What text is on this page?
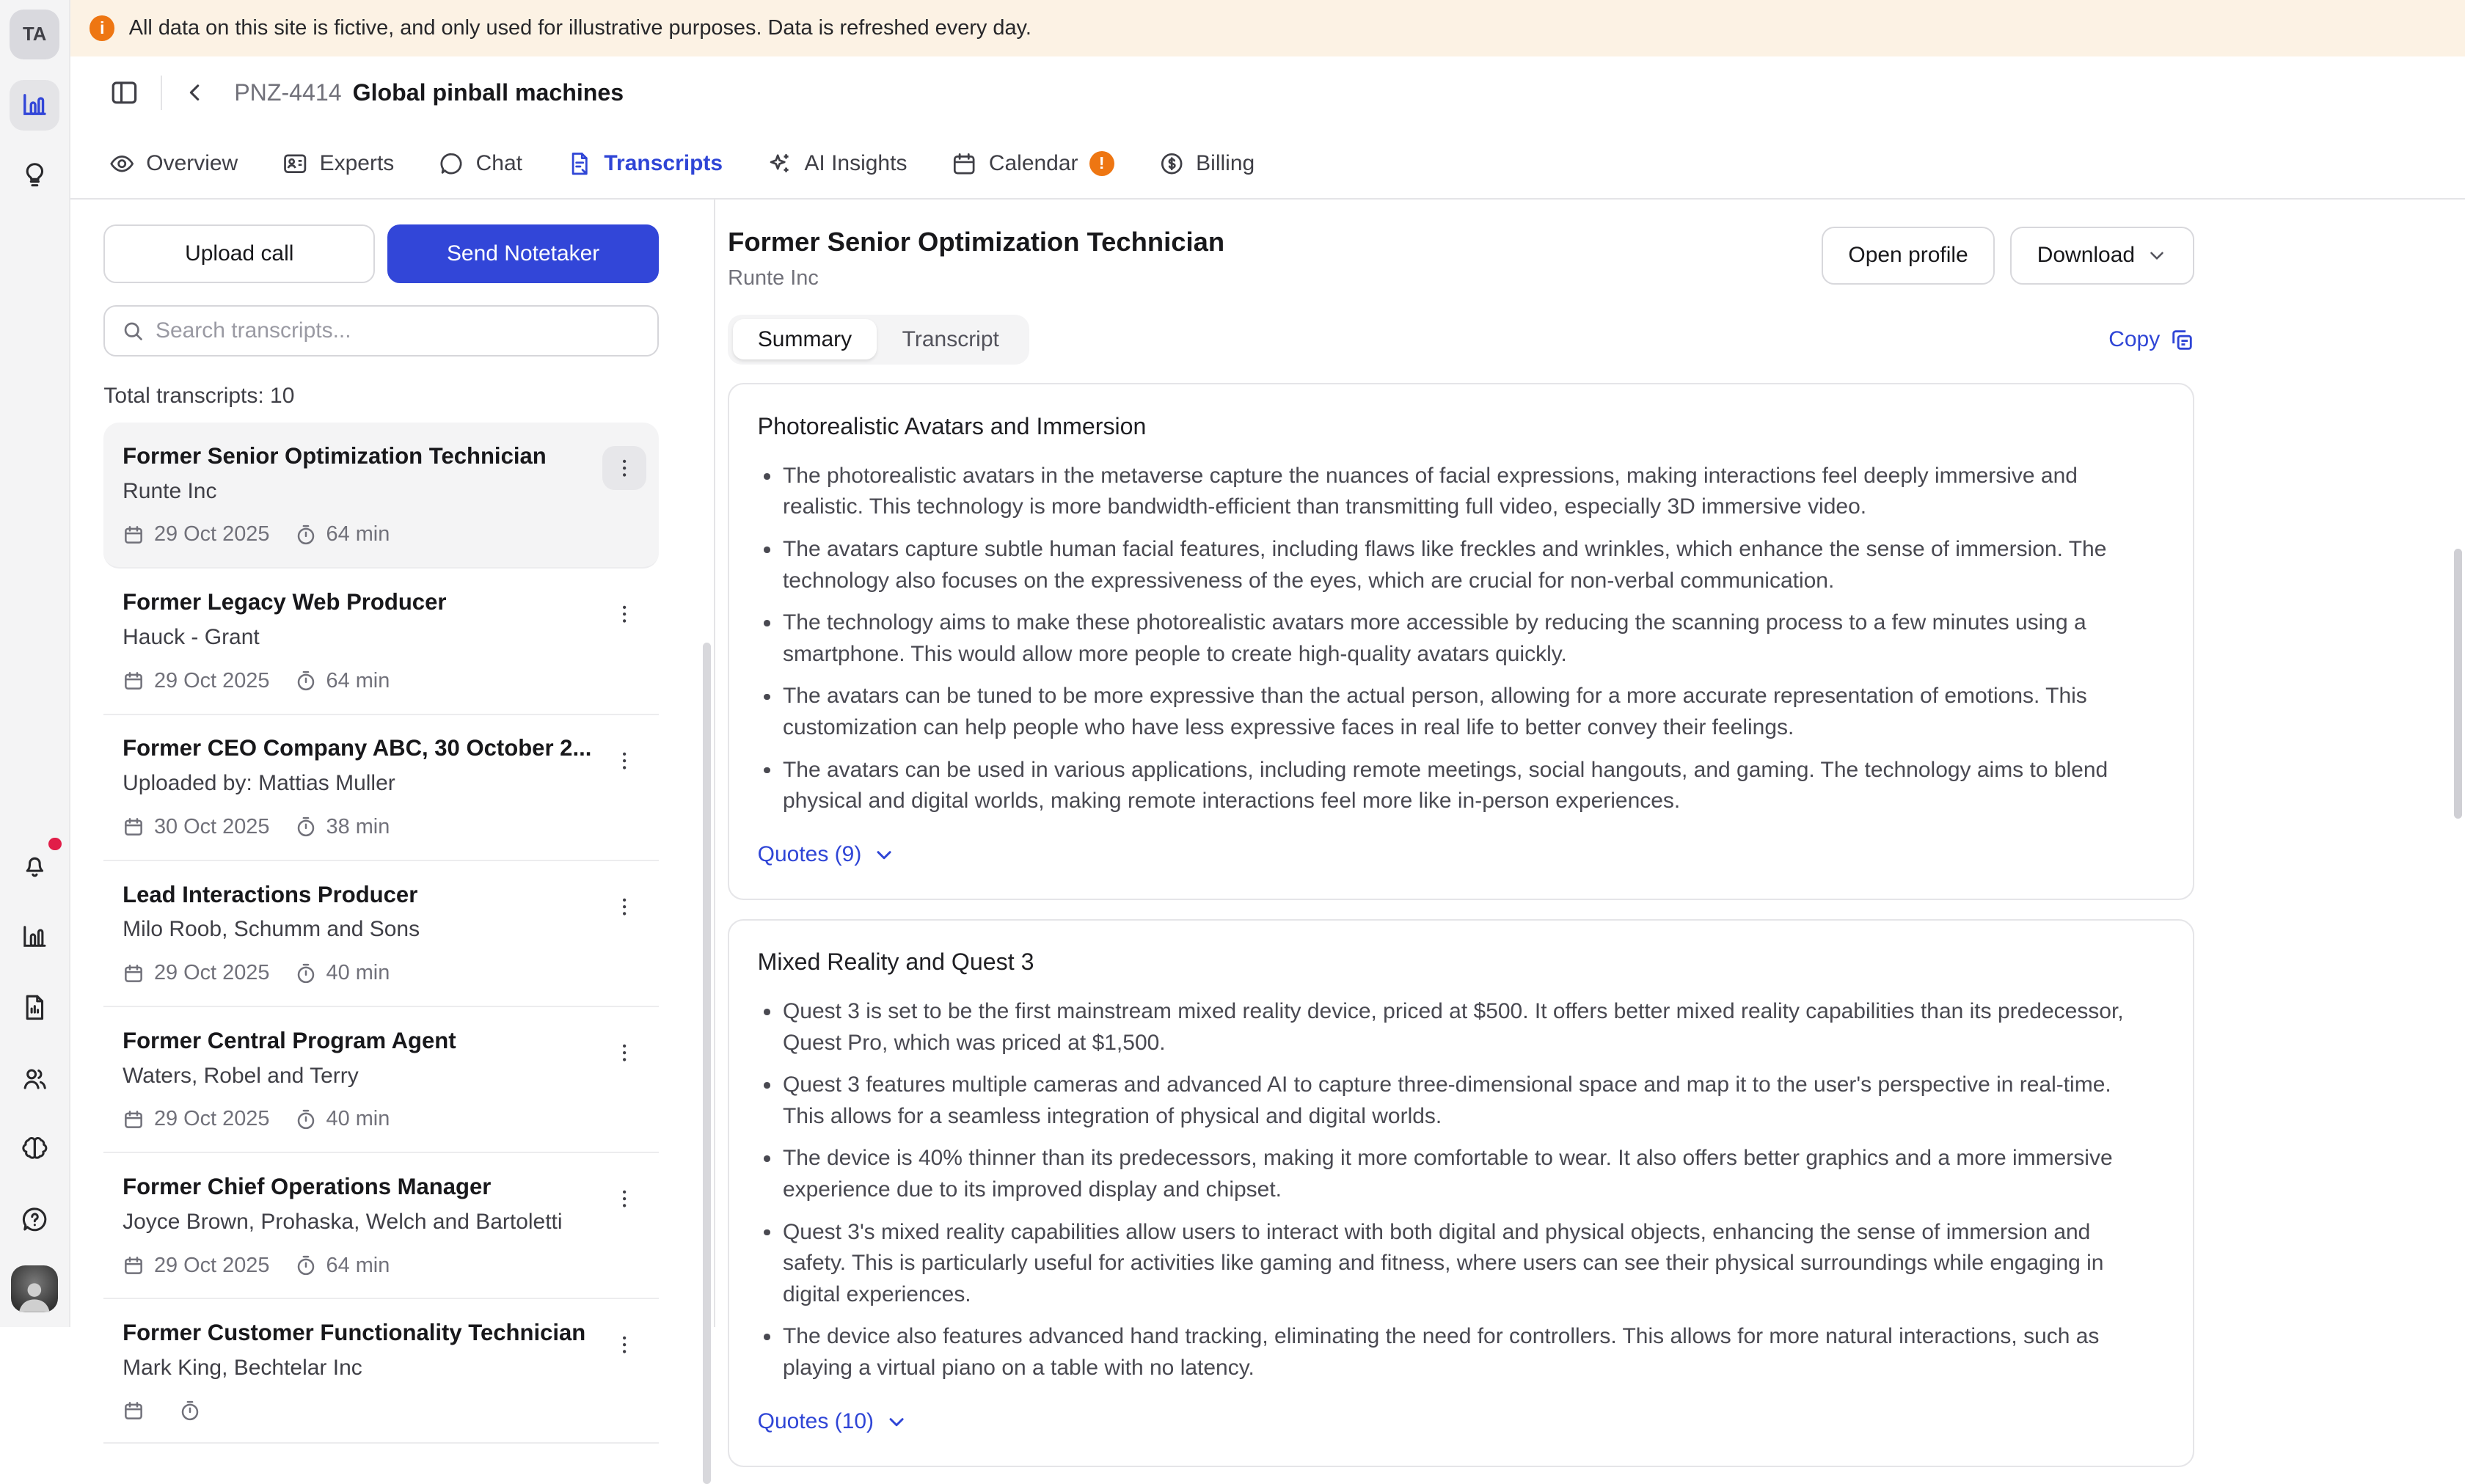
TA	i	All data on this site is fictive, and only used for illustrative purposes. Data is refreshed every day.
PNZ-4414 Global pinball machines
Overview	Experts	Chat	Transcripts	AI Insights	Calendar	!	Billing
Upload call	Send Notetaker
Search transcripts...
Total transcripts: 10
Former Senior Optimization Technician
Runte Inc
29 Oct 2025	64 min
Former Legacy Web Producer
Hauck - Grant
29 Oct 2025	64 min
Former CEO Company ABC, 30 October 2...
Uploaded by: Mattias Muller
30 Oct 2025	38 min
Lead Interactions Producer
Milo Roob, Schumm and Sons
29 Oct 2025	40 min
Former Central Program Agent
Waters, Robel and Terry
29 Oct 2025	40 min
Former Chief Operations Manager
Joyce Brown, Prohaska, Welch and Bartoletti
29 Oct 2025	64 min
Former Customer Functionality Technician
Mark King, Bechtelar Inc
Former Senior Optimization Technician
Runte Inc
Open profile	Download
Summary	Transcript	Copy
Photorealistic Avatars and Immersion
The photorealistic avatars in the metaverse capture the nuances of facial expressions, making interactions feel deeply immersive and realistic. This technology is more bandwidth-efficient than transmitting full video, especially 3D immersive video.
The avatars capture subtle human facial features, including flaws like freckles and wrinkles, which enhance the sense of immersion. The technology also focuses on the expressiveness of the eyes, which are crucial for non-verbal communication.
The technology aims to make these photorealistic avatars more accessible by reducing the scanning process to a few minutes using a smartphone. This would allow more people to create high-quality avatars quickly.
The avatars can be tuned to be more expressive than the actual person, allowing for a more accurate representation of emotions. This customization can help people who have less expressive faces in real life to better convey their feelings.
The avatars can be used in various applications, including remote meetings, social hangouts, and gaming. The technology aims to blend physical and digital worlds, making remote interactions feel more like in-person experiences.
Quotes (9)
Mixed Reality and Quest 3
Quest 3 is set to be the first mainstream mixed reality device, priced at $500. It offers better mixed reality capabilities than its predecessor, Quest Pro, which was priced at $1,500.
Quest 3 features multiple cameras and advanced AI to capture three-dimensional space and map it to the user's perspective in real-time. This allows for a seamless integration of physical and digital worlds.
The device is 40% thinner than its predecessors, making it more comfortable to wear. It also offers better graphics and a more immersive experience due to its improved display and chipset.
Quest 3's mixed reality capabilities allow users to interact with both digital and physical objects, enhancing the sense of immersion and safety. This is particularly useful for activities like gaming and fitness, where users can see their physical surroundings while engaging in digital experiences.
The device also features advanced hand tracking, eliminating the need for controllers. This allows for more natural interactions, such as playing a virtual piano on a table with no latency.
Quotes (10)
